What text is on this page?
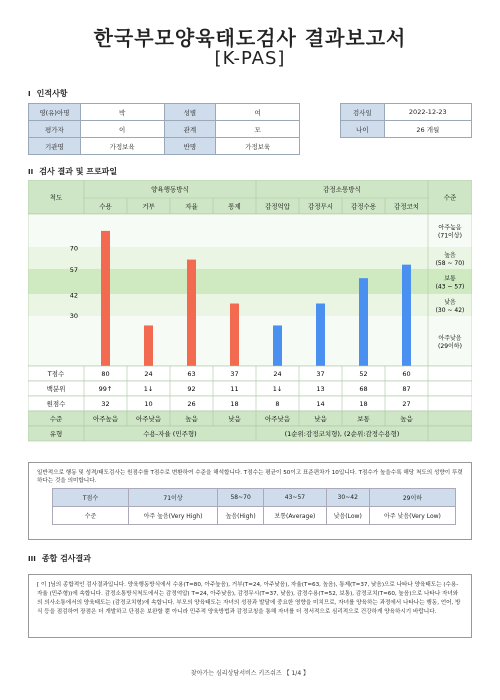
한국부모양육태도검사 결과보고서
[K-PAS]
I 인적사항
영(유)아명	박	성별	여
평가자	이	관계	모
기관명	가정보육	반명	가정보육
검사일	2022-12-23
나이	26 개월
II 검사 결과 및 프로파일
척도	수준
양육행동방식
수용	거부	자율	통제
감정소통방식
감정억압	감정무시	감정수용	감정코치
아주높음
(71이상)
높음
(58 ~ 70)
보통
(43 ~ 57)
낮음
(30 ~ 42)
아주낮음
(29이하)
30
42
57
70
T점수	80	24	63	37	24	37	52	60
백분위	99↑	1↓	92	11	1↓	13	68	87
원점수	32	10	26	18	8	14	18	27
수준	아주높음	아주낮음	높음	낮음	아주낮음	낮음	보통	높음
유형	수용-자율 (민주형)	(1순위:감정코치형), (2순위:감정수용형)

일반적으로 행동 및 성격/태도검사는 원점수를 T점수로 변환하여 수준을 해석합니다. T점수는 평균이 50이고 표준편차가 10입니다. T점수가 높을수록 해당 척도의 성향이 뚜렷하다는 것을 의미합니다.

T점수	71이상	58~70	43~57	30~42	29이하
수준	아주 높음(Very High)	높음(High)	보통(Average)	낮음(Low)	아주 낮음(Very Low)
III 종합 검사결과

[ 이 ]님의 종합적인 검사결과입니다. 양육행동방식에서 수용(T=80, 아주높음), 거부(T=24, 아주낮음), 자율(T=63, 높음), 통제(T=37, 낮음)으로 나타나 양육태도는 (수용-자율 (민주형))에 속합니다. 감정소통방식척도에서는 감정억압( T=24, 아주낮음), 감정무시(T=37, 낮음), 감정수용(T=52, 보통), 감정코치(T=60, 높음)으로 나타나 자녀와의 의사소통에서의 양육태도는 (감정코치형)에 속합니다. 부모의 양육태도는 자녀의 성장과 발달에 중요한 영향을 미치므로, 자녀를 양육하는 과정에서 나타나는 행동, 언어, 방식 등을 점검하여 장점은 더 개발하고 단점은 보완할 뿐 아니라 민주적 양육방법과 감정코칭을 통해 자녀를 더 정서적으로 심리적으로 건강하게 양육하시기 바랍니다.

찾아가는 심리상담서비스 키즈쉬즈 【 1/4 】
